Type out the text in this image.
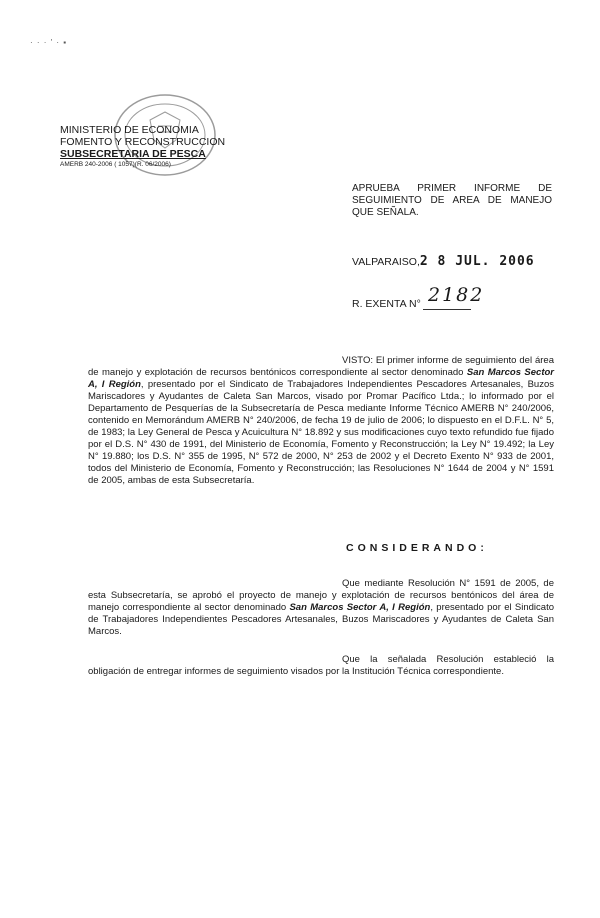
· · · ' · ▪
MINISTERIO DE ECONOMIA
FOMENTO Y RECONSTRUCCION
SUBSECRETARIA DE PESCA
AMERB 240-2006 ( 1057)(R. 06/2006)
APRUEBA PRIMER INFORME DE SEGUIMIENTO DE AREA DE MANEJO QUE SEÑALA.
VALPARAISO,2 8 JUL. 2006
R. EXENTA N° 2182

VISTO: El primer informe de seguimiento del área de manejo y explotación de recursos bentónicos correspondiente al sector denominado San Marcos Sector A, I Región, presentado por el Sindicato de Trabajadores Independientes Pescadores Artesanales, Buzos Mariscadores y Ayudantes de Caleta San Marcos, visado por Promar Pacífico Ltda.; lo informado por el Departamento de Pesquerías de la Subsecretaría de Pesca mediante Informe Técnico AMERB N° 240/2006, contenido en Memorándum AMERB N° 240/2006, de fecha 19 de julio de 2006; lo dispuesto en el D.F.L. N° 5, de 1983; la Ley General de Pesca y Acuicultura N° 18.892 y sus modificaciones cuyo texto refundido fue fijado por el D.S. N° 430 de 1991, del Ministerio de Economía, Fomento y Reconstrucción; la Ley N° 19.492; la Ley N° 19.880; los D.S. N° 355 de 1995, N° 572 de 2000, N° 253 de 2002 y el Decreto Exento N° 933 de 2001, todos del Ministerio de Economía, Fomento y Reconstrucción; las Resoluciones N° 1644 de 2004 y N° 1591 de 2005, ambas de esta Subsecretaría.

CONSIDERANDO:

Que mediante Resolución N° 1591 de 2005, de esta Subsecretaría, se aprobó el proyecto de manejo y explotación de recursos bentónicos del área de manejo correspondiente al sector denominado San Marcos Sector A, I Región, presentado por el Sindicato de Trabajadores Independientes Pescadores Artesanales, Buzos Mariscadores y Ayudantes de Caleta San Marcos.

Que la señalada Resolución estableció la obligación de entregar informes de seguimiento visados por la Institución Técnica correspondiente.
